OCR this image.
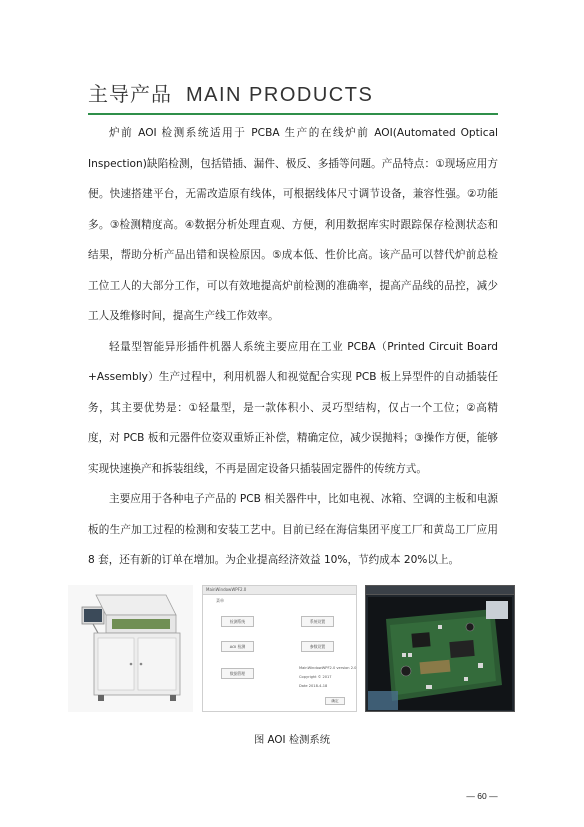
主导产品 MAIN PRODUCTS

炉前 AOI 检测系统适用于 PCBA 生产的在线炉前 AOI(Automated Optical Inspection)缺陷检测，包括错插、漏件、极反、多插等问题。产品特点：①现场应用方便。快速搭建平台，无需改造原有线体，可根据线体尺寸调节设备，兼容性强。②功能多。③检测精度高。④数据分析处理直观、方便，利用数据库实时跟踪保存检测状态和结果，帮助分析产品出错和误检原因。⑤成本低、性价比高。该产品可以替代炉前总检工位工人的大部分工作，可以有效地提高炉前检测的准确率，提高产品线的品控，减少工人及维修时间，提高生产线工作效率。

轻量型智能异形插件机器人系统主要应用在工业 PCBA（Printed Circuit Board +Assembly）生产过程中，利用机器人和视觉配合实现 PCB 板上异型件的自动插装任务，其主要优势是：①轻量型，是一款体积小、灵巧型结构，仅占一个工位；②高精度，对 PCB 板和元器件位姿双重矫正补偿，精确定位，减少误抛料；③操作方便，能够实现快速换产和拆装组线，不再是固定设备只插装固定器件的传统方式。

主要应用于各种电子产品的 PCB 相关器件中，比如电视、冰箱、空调的主板和电源板的生产加工过程的检测和安装工艺中。目前已经在海信集团平度工厂和黄岛工厂应用 8 套，还有新的订单在增加。为企业提高经济效益 10%，节约成本 20%以上。

MainWindowWPF2.0
菜单
检测系统	系统设置
AOI 检测	参数设置
数据管理
MainWindowWPF2.0 version 2.0
Copyright © 2017
Date 2018-4-18
确定
图 AOI 检测系统
— 60 —
